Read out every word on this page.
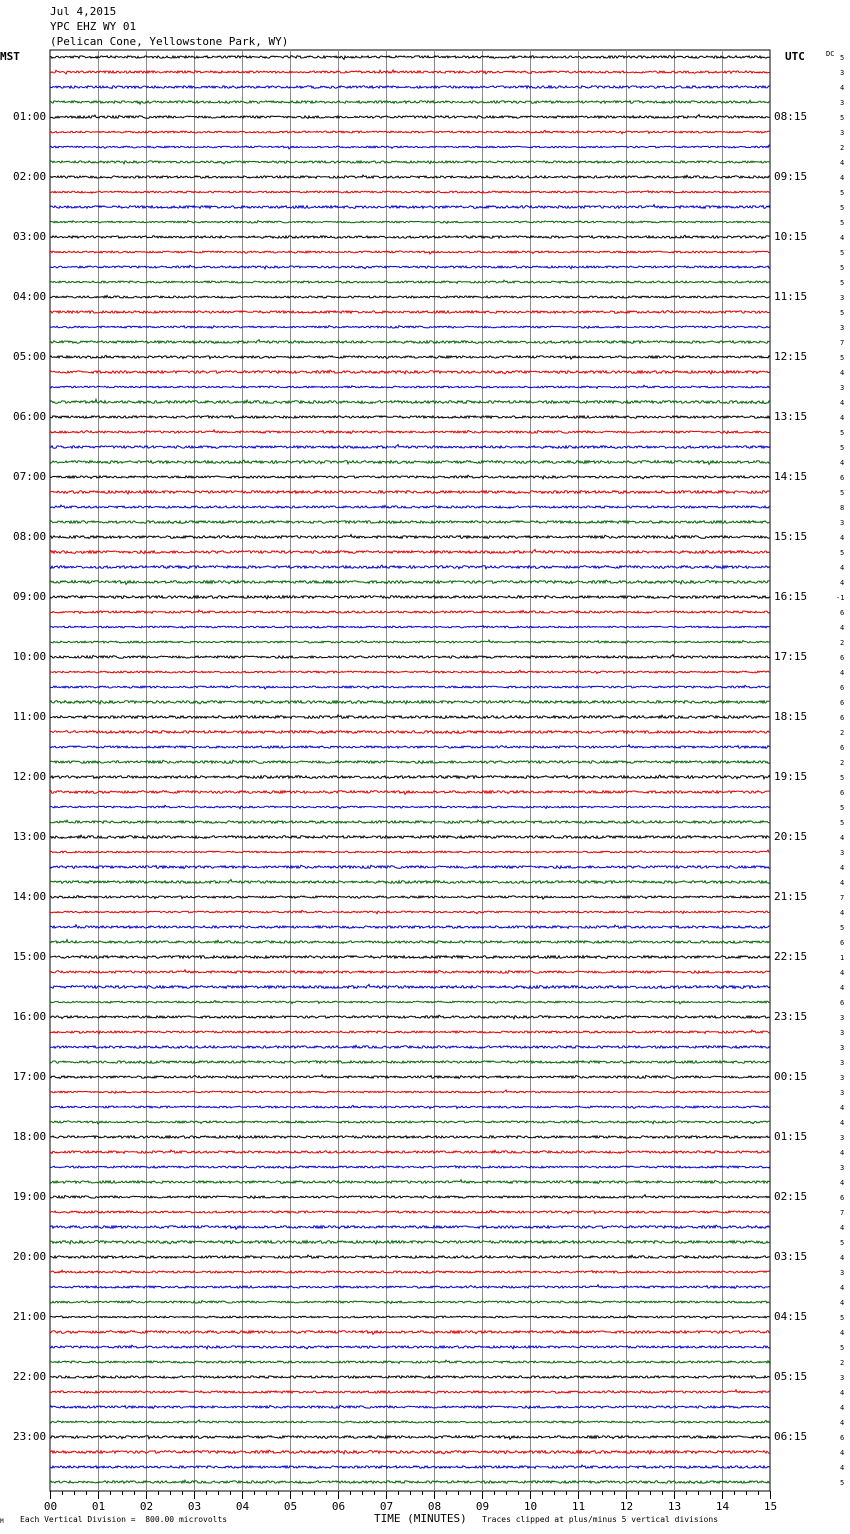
Jul 4,2015
YPC EHZ WY 01
(Pelican Cone, Yellowstone Park, WY)
MST	UTC	DC
00	01	02	03	04	05	06	07	08	09	10	11	12	13	14	15
5
3
4
3
01:00	08:15	5
3
2
4
02:00	09:15	4
5
5
5
03:00	10:15	4
5
5
5
04:00	11:15	3
5
3
7
05:00	12:15	5
4
3
4
06:00	13:15	4
5
5
4
07:00	14:15	6
5
8
3
08:00	15:15	4
5
4
4
09:00	16:15	-1
6
4
2
10:00	17:15	6
4
6
6
11:00	18:15	6
2
6
2
12:00	19:15	5
6
5
5
13:00	20:15	4
3
4
4
14:00	21:15	7
4
5
6
15:00	22:15	1
4
4
6
16:00	23:15	3
3
3
3
17:00	00:15	3
3
4
4
18:00	01:15	3
4
3
4
19:00	02:15	6
7
4
5
20:00	03:15	4
3
4
4
21:00	04:15	5
4
5
2
22:00	05:15	3
4
4
4
23:00	06:15	6
4
4
5
M Each Vertical Division =  800.00 microvolts	TIME (MINUTES) Traces clipped at plus/minus 5 vertical divisions
